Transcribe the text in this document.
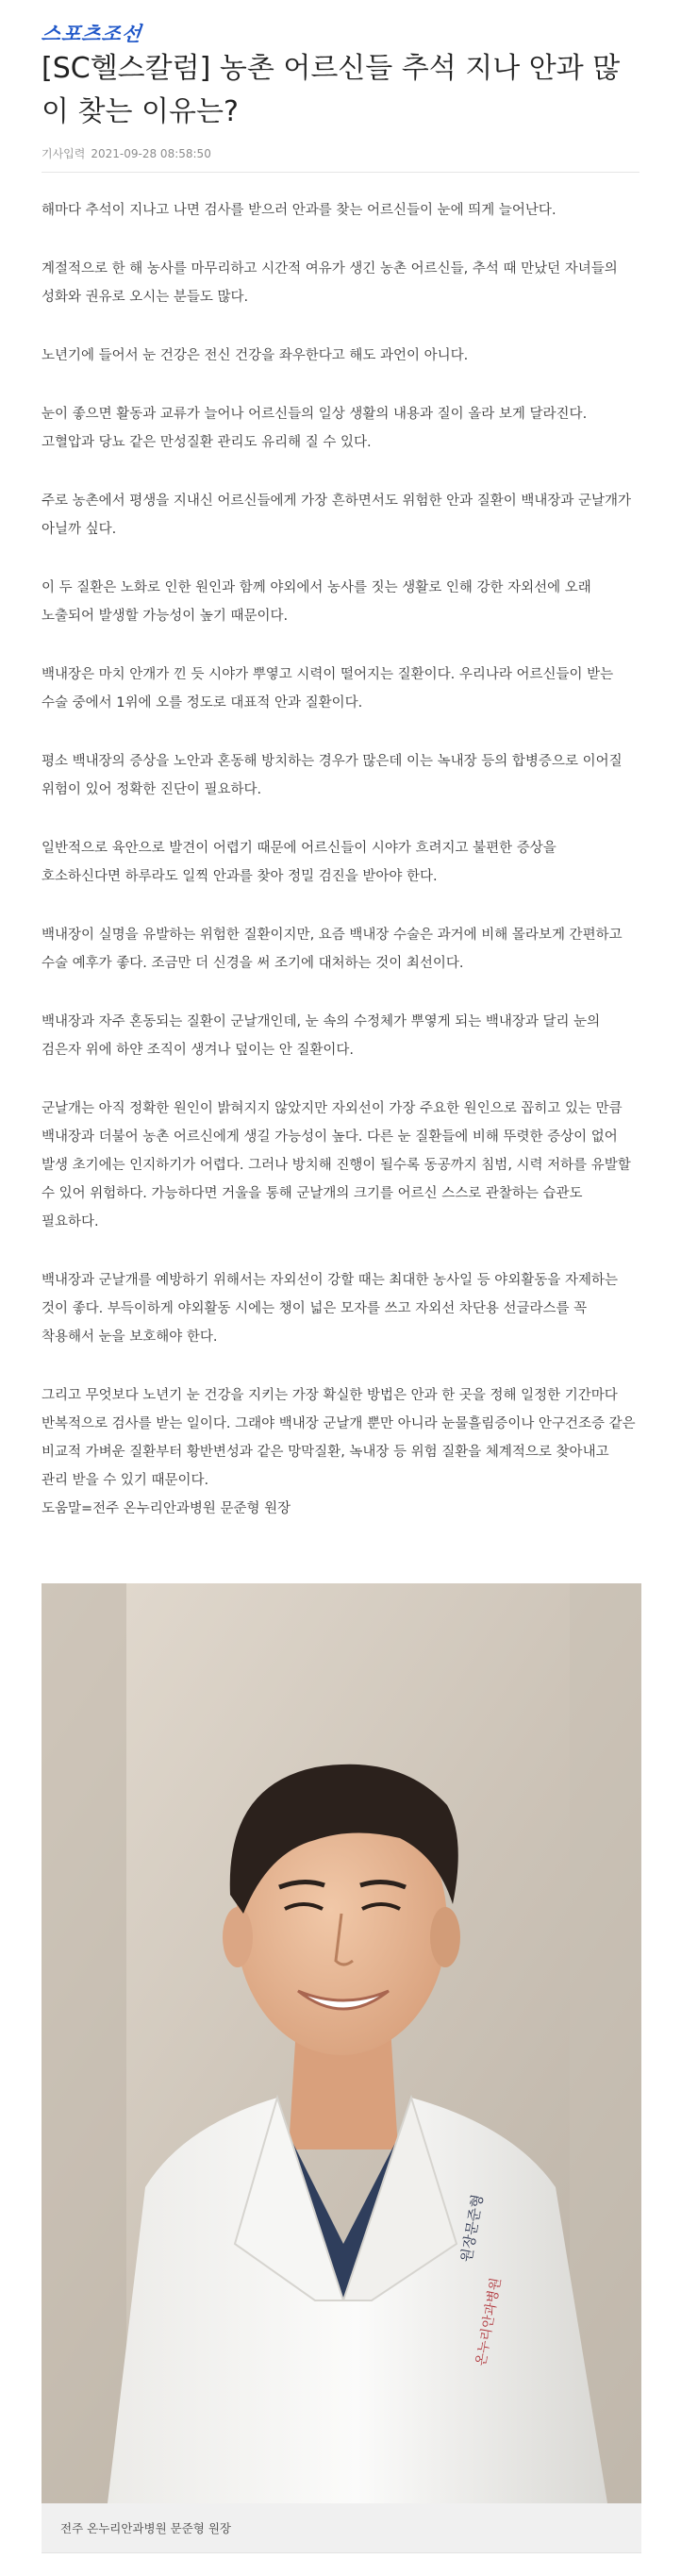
스포츠조선
[SC헬스칼럼] 농촌 어르신들 추석 지나 안과 많이 찾는 이유는?
기사입력 2021-09-28 08:58:50

해마다 추석이 지나고 나면 검사를 받으러 안과를 찾는 어르신들이 눈에 띄게 늘어난다.

계절적으로 한 해 농사를 마무리하고 시간적 여유가 생긴 농촌 어르신들, 추석 때 만났던 자녀들의 성화와 권유로 오시는 분들도 많다.

노년기에 들어서 눈 건강은 전신 건강을 좌우한다고 해도 과언이 아니다.

눈이 좋으면 활동과 교류가 늘어나 어르신들의 일상 생활의 내용과 질이 올라 보게 달라진다. 고혈압과 당뇨 같은 만성질환 관리도 유리해 질 수 있다.

주로 농촌에서 평생을 지내신 어르신들에게 가장 흔하면서도 위험한 안과 질환이 백내장과 군날개가 아닐까 싶다.

이 두 질환은 노화로 인한 원인과 함께 야외에서 농사를 짓는 생활로 인해 강한 자외선에 오래 노출되어 발생할 가능성이 높기 때문이다.

백내장은 마치 안개가 낀 듯 시야가 뿌옇고 시력이 떨어지는 질환이다. 우리나라 어르신들이 받는 수술 중에서 1위에 오를 정도로 대표적 안과 질환이다.

평소 백내장의 증상을 노안과 혼동해 방치하는 경우가 많은데 이는 녹내장 등의 합병증으로 이어질 위험이 있어 정확한 진단이 필요하다.

일반적으로 육안으로 발견이 어렵기 때문에 어르신들이 시야가 흐려지고 불편한 증상을 호소하신다면 하루라도 일찍 안과를 찾아 정밀 검진을 받아야 한다.

백내장이 실명을 유발하는 위험한 질환이지만, 요즘 백내장 수술은 과거에 비해 몰라보게 간편하고 수술 예후가 좋다. 조금만 더 신경을 써 조기에 대처하는 것이 최선이다.

백내장과 자주 혼동되는 질환이 군날개인데, 눈 속의 수정체가 뿌옇게 되는 백내장과 달리 눈의 검은자 위에 하얀 조직이 생겨나 덮이는 안 질환이다.

군날개는 아직 정확한 원인이 밝혀지지 않았지만 자외선이 가장 주요한 원인으로 꼽히고 있는 만큼 백내장과 더불어 농촌 어르신에게 생길 가능성이 높다. 다른 눈 질환들에 비해 뚜렷한 증상이 없어 발생 초기에는 인지하기가 어렵다. 그러나 방치해 진행이 될수록 동공까지 침범, 시력 저하를 유발할 수 있어 위험하다. 가능하다면 거울을 통해 군날개의 크기를 어르신 스스로 관찰하는 습관도 필요하다.

백내장과 군날개를 예방하기 위해서는 자외선이 강할 때는 최대한 농사일 등 야외활동을 자제하는 것이 좋다. 부득이하게 야외활동 시에는 챙이 넓은 모자를 쓰고 자외선 차단용 선글라스를 꼭 착용해서 눈을 보호해야 한다.

그리고 무엇보다 노년기 눈 건강을 지키는 가장 확실한 방법은 안과 한 곳을 정해 일정한 기간마다 반복적으로 검사를 받는 일이다. 그래야 백내장 군날개 뿐만 아니라 눈물흘림증이나 안구건조증 같은 비교적 가벼운 질환부터 황반변성과 같은 망막질환, 녹내장 등 위험 질환을 체계적으로 찾아내고 관리 받을 수 있기 때문이다.

도움말=전주 온누리안과병원 문준형 원장

원장문준형
온누리안과병원
전주 온누리안과병원 문준형 원장
